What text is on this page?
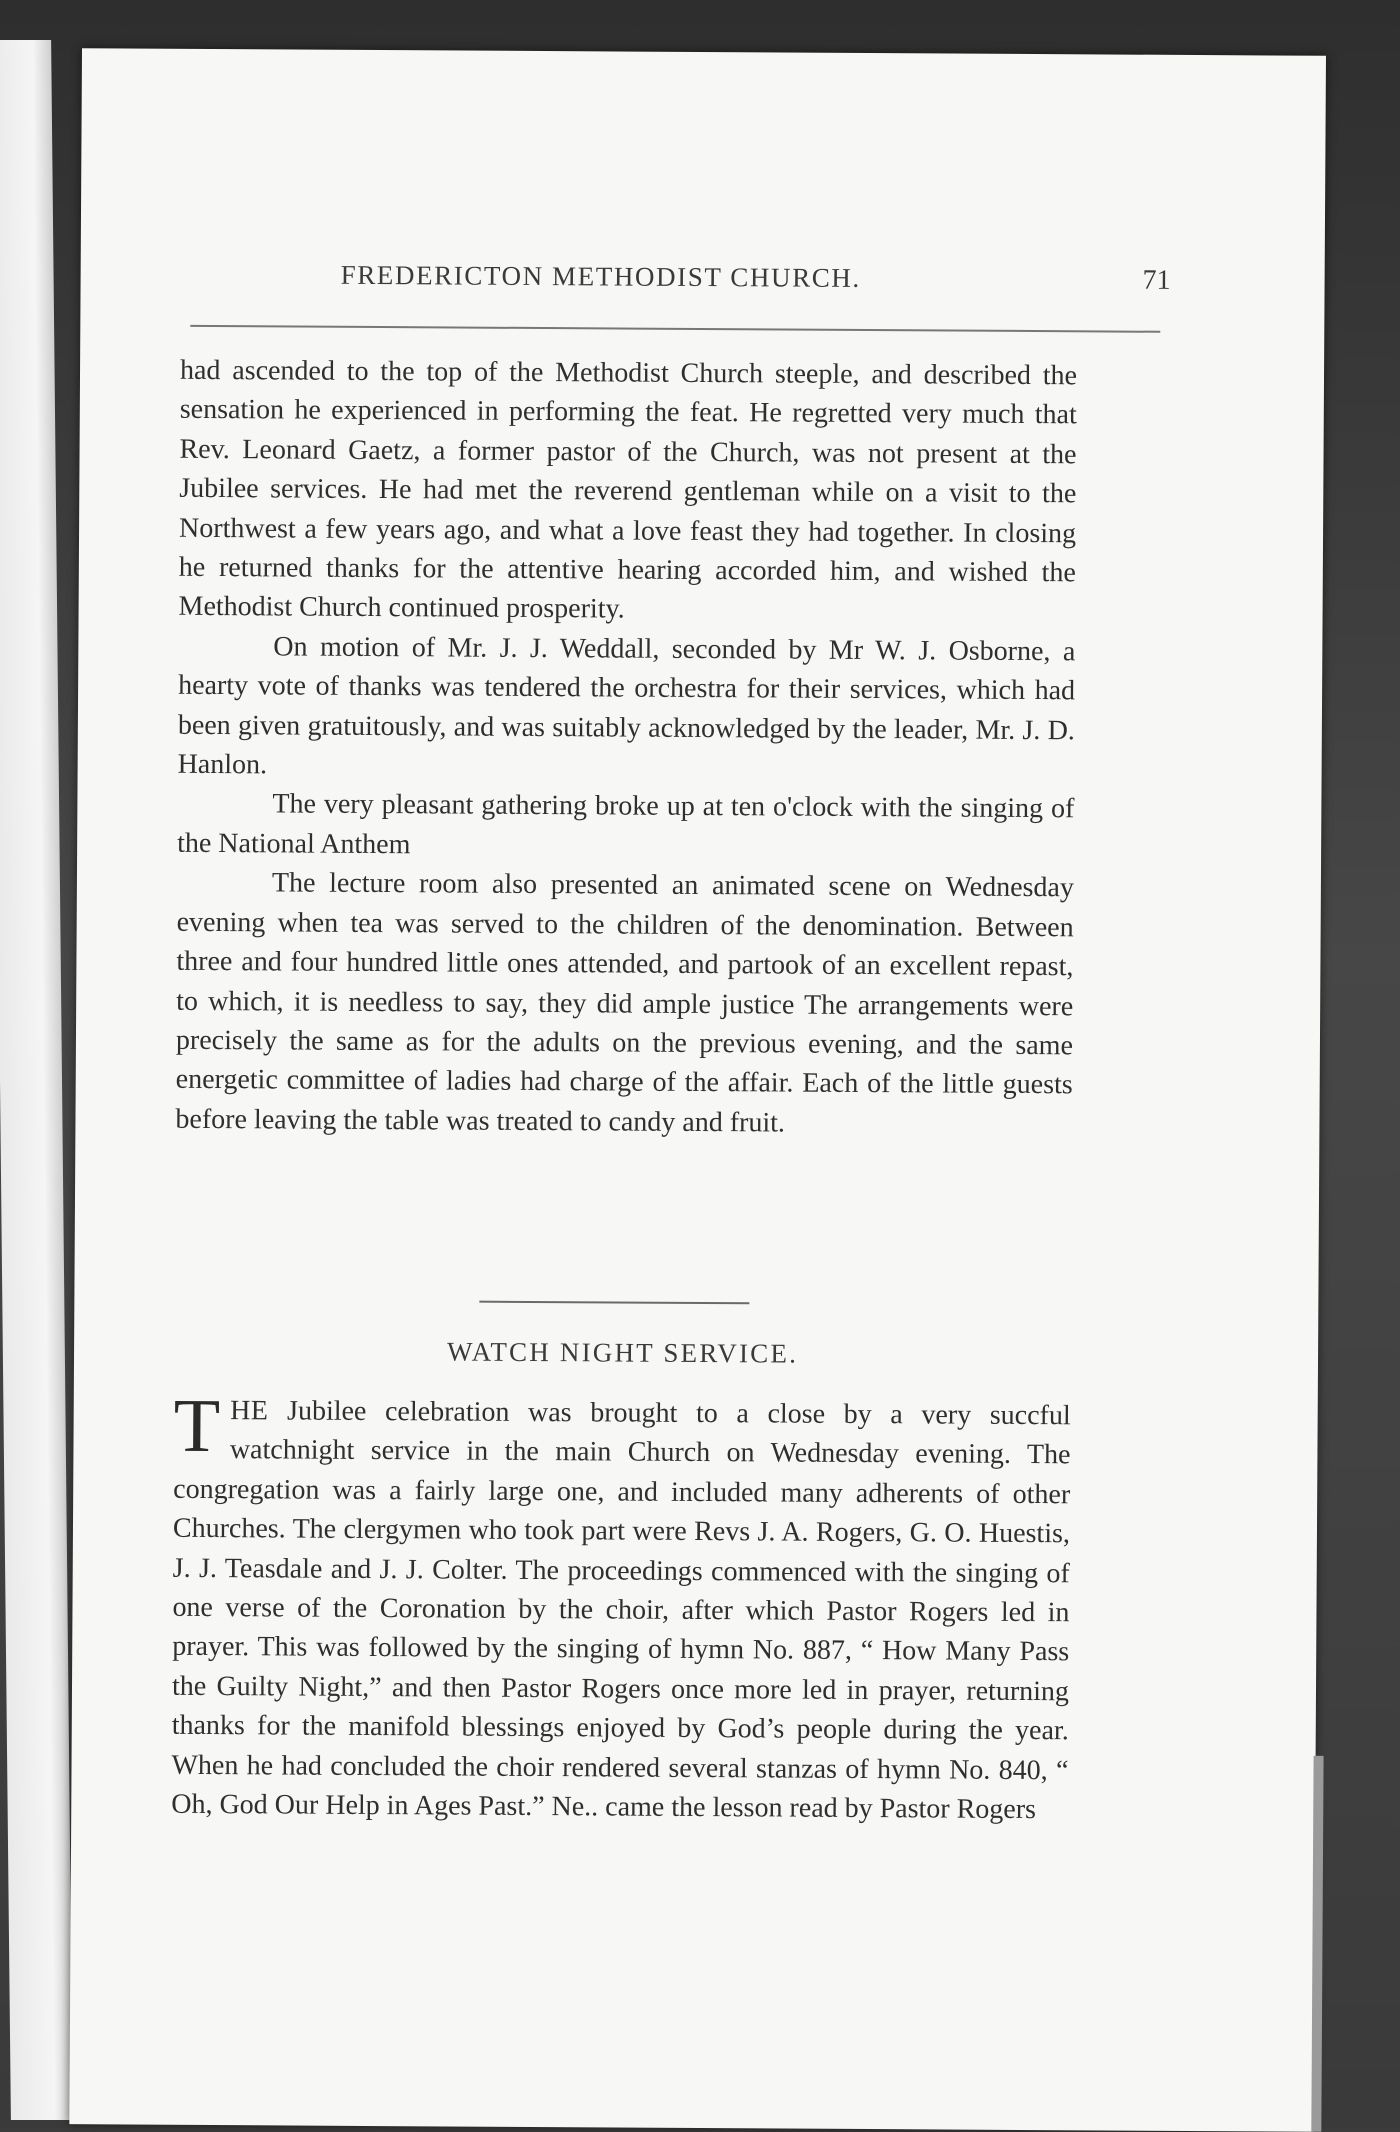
FREDERICTON METHODIST CHURCH.	71

had ascended to the top of the Methodist Church steeple, and described the sensation he experienced in performing the feat. He regretted very much that Rev. Leonard Gaetz, a former pastor of the Church, was not present at the Jubilee services. He had met the reverend gentleman while on a visit to the Northwest a few years ago, and what a love feast they had together. In closing he returned thanks for the attentive hearing accorded him, and wished the Methodist Church continued prosperity.

On motion of Mr. J. J. Weddall, seconded by Mr W. J. Osborne, a hearty vote of thanks was tendered the orchestra for their services, which had been given gratuitously, and was suitably acknowledged by the leader, Mr. J. D. Hanlon.

The very pleasant gathering broke up at ten o'clock with the singing of the National Anthem

The lecture room also presented an animated scene on Wednesday evening when tea was served to the children of the denomination. Between three and four hundred little ones attended, and partook of an excellent repast, to which, it is needless to say, they did ample justice The arrangements were precisely the same as for the adults on the previous evening, and the same energetic committee of ladies had charge of the affair. Each of the little guests before leaving the table was treated to candy and fruit.

WATCH NIGHT SERVICE.

THE Jubilee celebration was brought to a close by a very succful watchnight service in the main Church on Wednesday evening. The congregation was a fairly large one, and included many adherents of other Churches. The clergymen who took part were Revs J. A. Rogers, G. O. Huestis, J. J. Teasdale and J. J. Colter. The proceedings commenced with the singing of one verse of the Coronation by the choir, after which Pastor Rogers led in prayer. This was followed by the singing of hymn No. 887, “ How Many Pass the Guilty Night,” and then Pastor Rogers once more led in prayer, returning thanks for the manifold blessings enjoyed by God’s people during the year. When he had concluded the choir rendered several stanzas of hymn No. 840, “ Oh, God Our Help in Ages Past.” Ne.. came the lesson read by Pastor Rogers
